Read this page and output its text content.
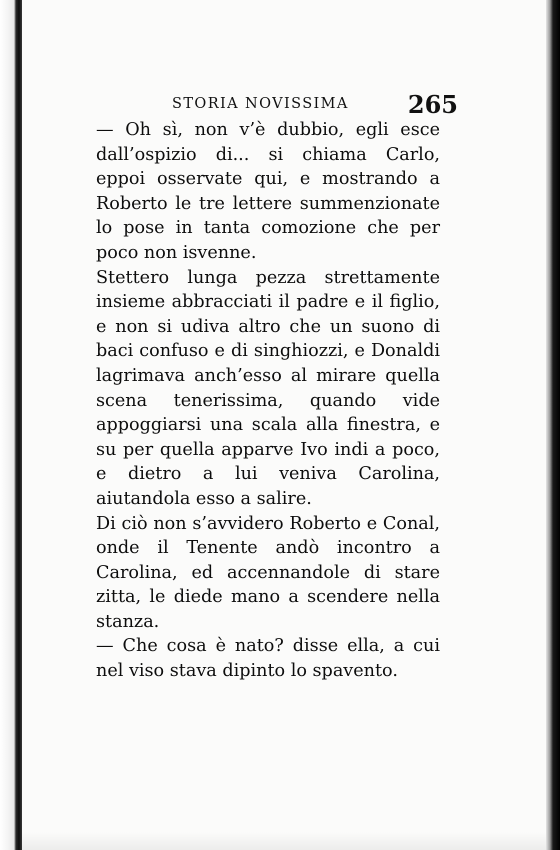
STORIA NOVISSIMA 265

— Oh sì, non v’è dubbio, egli esce dall’ospizio di... si chiama Carlo, eppoi osservate qui, e mostrando a Roberto le tre lettere summenzionate lo pose in tanta comozione che per poco non isvenne.

Stettero lunga pezza strettamente insieme abbracciati il padre e il figlio, e non si udiva altro che un suono di baci confuso e di singhiozzi, e Donaldi lagrimava anch’esso al mirare quella scena tenerissima, quando vide appoggiarsi una scala alla finestra, e su per quella apparve Ivo indi a poco, e dietro a lui veniva Carolina, aiutandola esso a salire.

Di ciò non s’avvidero Roberto e Conal, onde il Tenente andò incontro a Carolina, ed accennandole di stare zitta, le diede mano a scendere nella stanza.

— Che cosa è nato? disse ella, a cui nel viso stava dipinto lo spavento.
